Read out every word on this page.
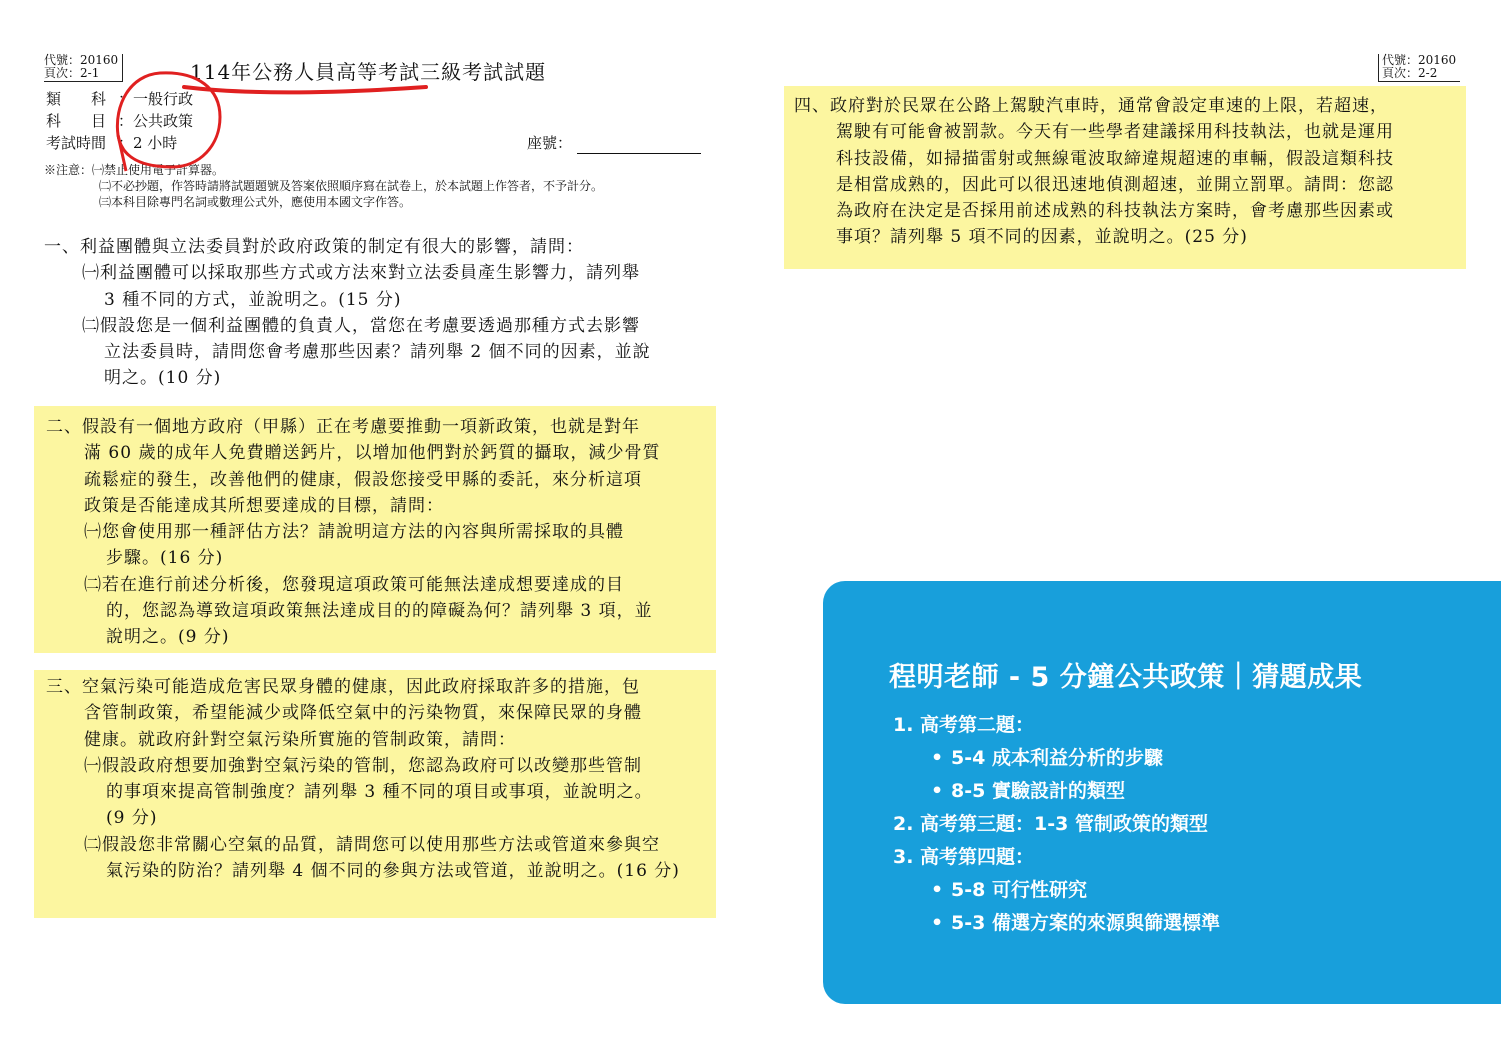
代號：20160
頁次：2-1	114年公務人員高等考試三級考試試題
類　　科 ：一般行政
科　　目 ：公共政策
考試時間 ：2 小時	座號：
※注意：㈠禁止使用電子計算器。
㈡不必抄題，作答時請將試題題號及答案依照順序寫在試卷上，於本試題上作答者，不予計分。
㈢本科目除專門名詞或數理公式外，應使用本國文字作答。
一、利益團體與立法委員對於政府政策的制定有很大的影響，請問：
㈠利益團體可以採取那些方式或方法來對立法委員產生影響力，請列舉
3 種不同的方式，並說明之。(15 分)
㈡假設您是一個利益團體的負責人，當您在考慮要透過那種方式去影響
立法委員時，請問您會考慮那些因素？請列舉 2 個不同的因素，並說
明之。(10 分)
二、假設有一個地方政府（甲縣）正在考慮要推動一項新政策，也就是對年
滿 60 歲的成年人免費贈送鈣片，以增加他們對於鈣質的攝取，減少骨質
疏鬆症的發生，改善他們的健康，假設您接受甲縣的委託，來分析這項
政策是否能達成其所想要達成的目標，請問：
㈠您會使用那一種評估方法？請說明這方法的內容與所需採取的具體
步驟。(16 分)
㈡若在進行前述分析後，您發現這項政策可能無法達成想要達成的目
的，您認為導致這項政策無法達成目的的障礙為何？請列舉 3 項，並
說明之。(9 分)
三、空氣污染可能造成危害民眾身體的健康，因此政府採取許多的措施，包
含管制政策，希望能減少或降低空氣中的污染物質，來保障民眾的身體
健康。就政府針對空氣污染所實施的管制政策，請問：
㈠假設政府想要加強對空氣污染的管制，您認為政府可以改變那些管制
的事項來提高管制強度？請列舉 3 種不同的項目或事項，並說明之。
(9 分)
㈡假設您非常關心空氣的品質，請問您可以使用那些方法或管道來參與空
氣污染的防治？請列舉 4 個不同的參與方法或管道，並說明之。(16 分)
代號：20160
頁次：2-2
四、政府對於民眾在公路上駕駛汽車時，通常會設定車速的上限，若超速，
駕駛有可能會被罰款。今天有一些學者建議採用科技執法，也就是運用
科技設備，如掃描雷射或無線電波取締違規超速的車輛，假設這類科技
是相當成熟的，因此可以很迅速地偵測超速，並開立罰單。請問：您認
為政府在決定是否採用前述成熟的科技執法方案時，會考慮那些因素或
事項？請列舉 5 項不同的因素，並說明之。(25 分)
程明老師 - 5 分鐘公共政策｜猜題成果
1. 高考第二題：
• 5-4 成本利益分析的步驟
• 8-5 實驗設計的類型
2. 高考第三題：1-3 管制政策的類型
3. 高考第四題：
• 5-8 可行性研究
• 5-3 備選方案的來源與篩選標準
